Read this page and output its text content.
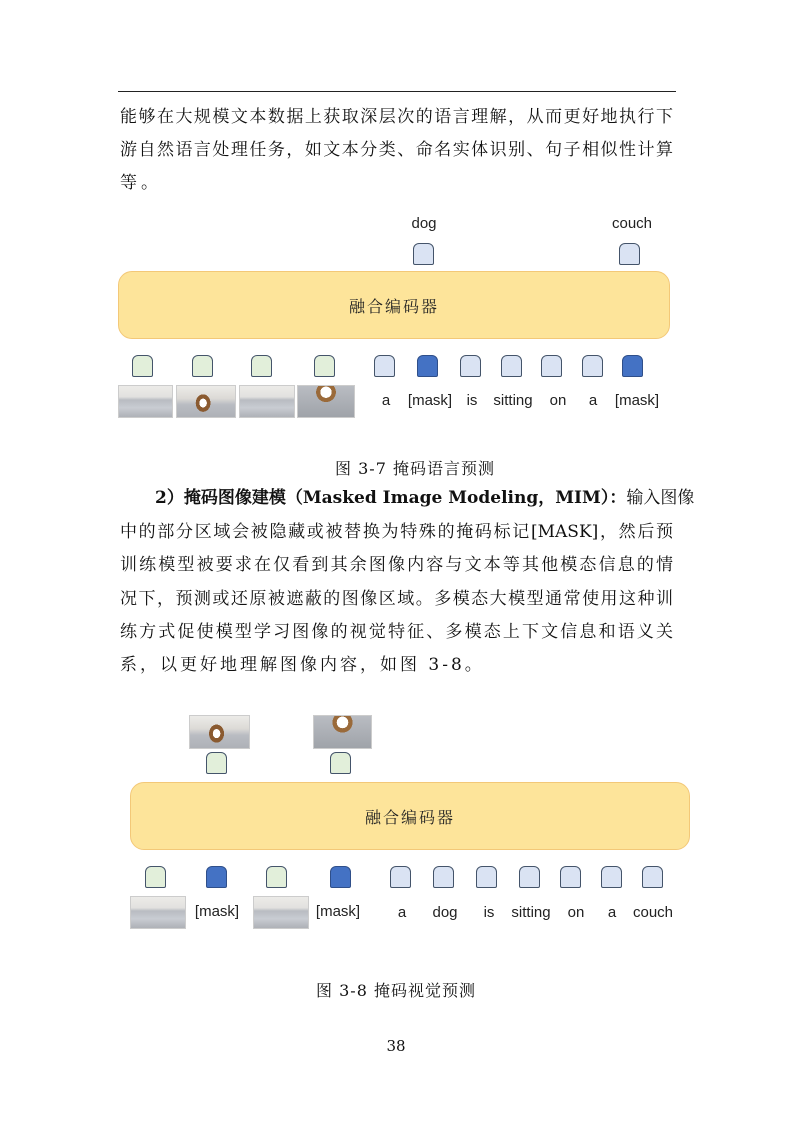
能够在大规模文本数据上获取深层次的语言理解，从而更好地执行下
游自然语言处理任务，如文本分类、命名实体识别、句子相似性计算
等。
dog	couch
融合编码器
a [mask] is sitting on a [mask]
图 3-7 掩码语言预测
2）掩码图像建模（Masked Image Modeling，MIM）：输入图像
中的部分区域会被隐藏或被替换为特殊的掩码标记[MASK]，然后预
训练模型被要求在仅看到其余图像内容与文本等其他模态信息的情
况下，预测或还原被遮蔽的图像区域。多模态大模型通常使用这种训
练方式促使模型学习图像的视觉特征、多模态上下文信息和语义关
系，以更好地理解图像内容，如图 3-8。
融合编码器
[mask]	[mask]	a dog is sitting on a couch
图 3-8 掩码视觉预测
38
